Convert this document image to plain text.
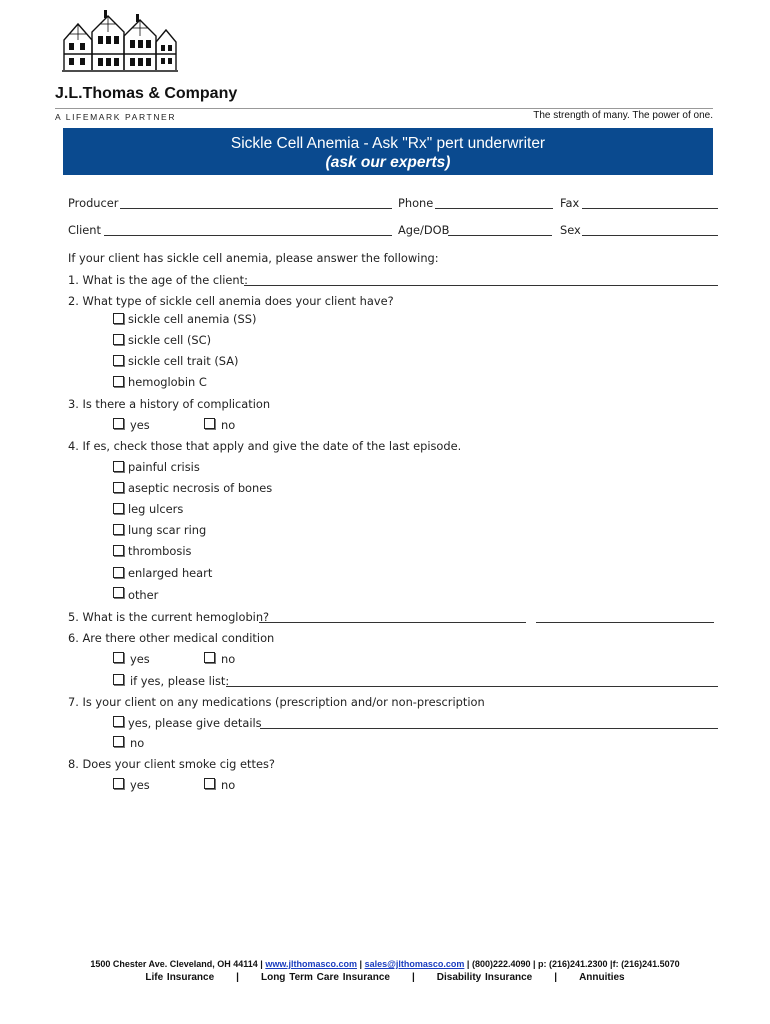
J.L.Thomas & Company
A LIFEMARK PARTNER	The strength of many. The power of one.
Sickle Cell Anemia - Ask "Rx" pert underwriter
(ask our experts)
Producer	Phone	Fax
Client	Age/DOB	Sex
If your client has sickle cell anemia, please answer the following:
1. What is the age of the client:
2. What type of sickle cell anemia does your client have?
sickle cell anemia (SS)
sickle cell (SC)
sickle cell trait (SA)
hemoglobin C
3. Is there a history of complication
yes	no
4. If es, check those that apply and give the date of the last episode.
painful crisis
aseptic necrosis of bones
leg ulcers
lung scar ring
thrombosis
enlarged heart
other
5. What is the current hemoglobin?
6. Are there other medical condition
yes	no
if yes, please list:
7. Is your client on any medications (prescription and/or non-prescription
yes, please give details
no
8. Does your client smoke cig ettes?
yes	no
1500 Chester Ave. Cleveland, OH 44114 | www.jlthomasco.com | sales@jlthomasco.com | (800)222.4090 | p: (216)241.2300 |f: (216)241.5070
Life Insurance | Long Term Care Insurance | Disability Insurance | Annuities
